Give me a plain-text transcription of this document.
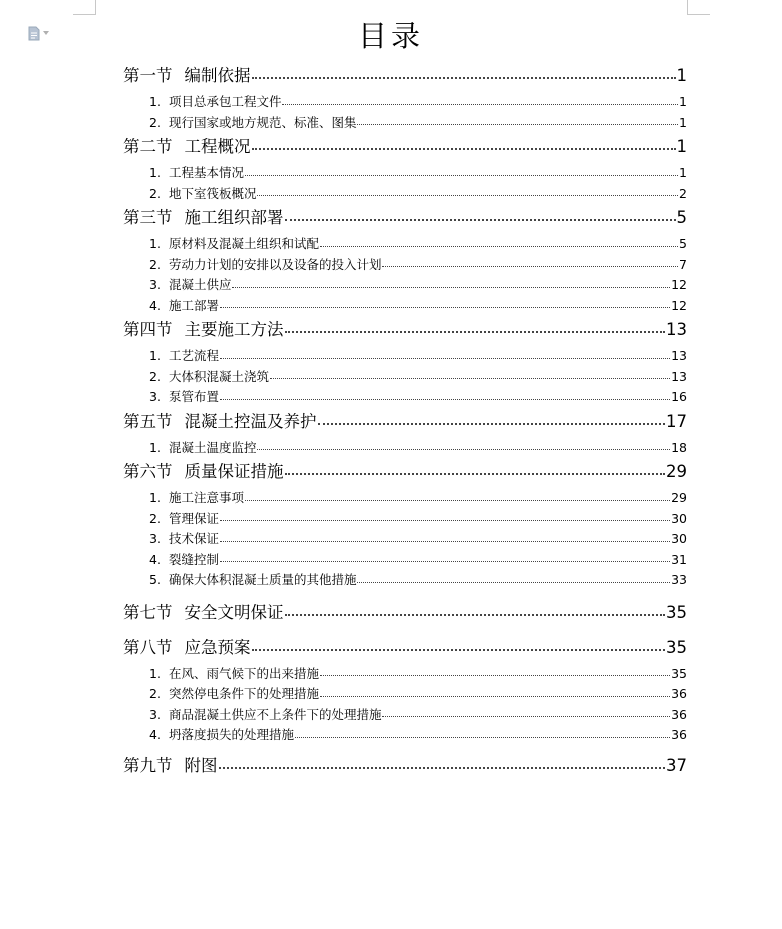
目录
第一节 编制依据	1
1. 项目总承包工程文件	1
2. 现行国家或地方规范、标准、图集	1
第二节 工程概况	1
1. 工程基本情况	1
2. 地下室筏板概况	2
第三节 施工组织部署	5
1. 原材料及混凝土组织和试配	5
2. 劳动力计划的安排以及设备的投入计划	7
3. 混凝土供应	12
4. 施工部署	12
第四节 主要施工方法	13
1. 工艺流程	13
2. 大体积混凝土浇筑	13
3. 泵管布置	16
第五节 混凝土控温及养护	17
1. 混凝土温度监控	18
第六节 质量保证措施	29
1. 施工注意事项	29
2. 管理保证	30
3. 技术保证	30
4. 裂缝控制	31
5. 确保大体积混凝土质量的其他措施	33
第七节 安全文明保证	35
第八节 应急预案	35
1. 在风、雨气候下的出来措施	35
2. 突然停电条件下的处理措施	36
3. 商品混凝土供应不上条件下的处理措施	36
4. 坍落度损失的处理措施	36
第九节 附图	37
